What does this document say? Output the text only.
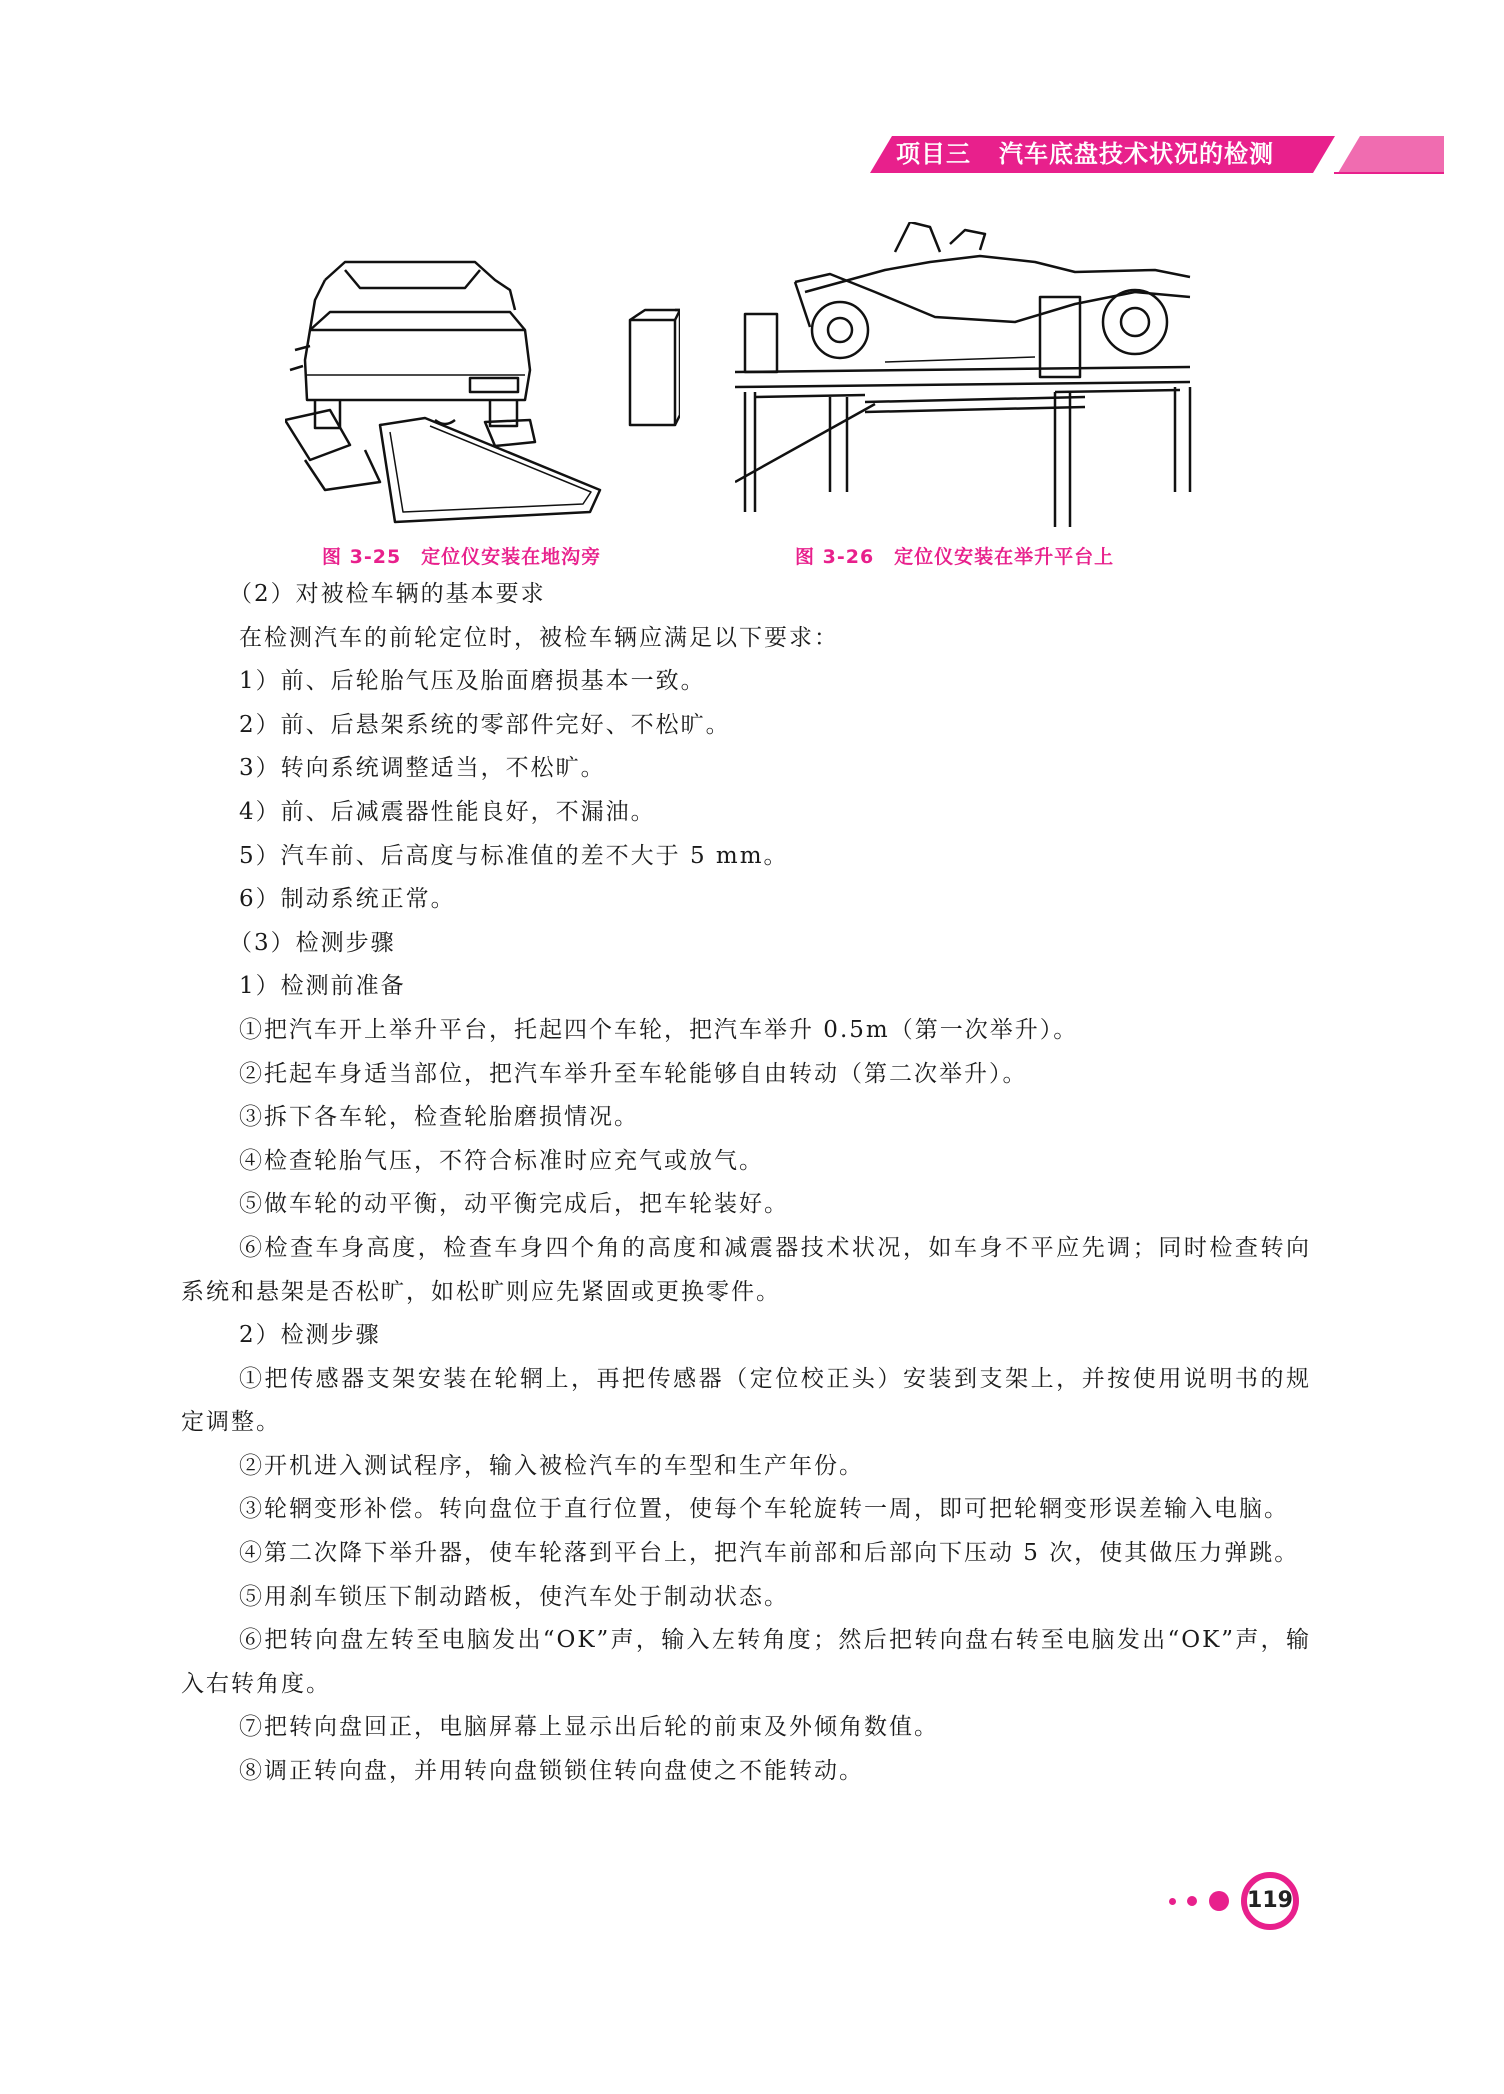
项目三 汽车底盘技术状况的检测
图 3-25 定位仪安装在地沟旁	图 3-26 定位仪安装在举升平台上

（2）对被检车辆的基本要求

在检测汽车的前轮定位时，被检车辆应满足以下要求：

1）前、后轮胎气压及胎面磨损基本一致。

2）前、后悬架系统的零部件完好、不松旷。

3）转向系统调整适当，不松旷。

4）前、后减震器性能良好，不漏油。

5）汽车前、后高度与标准值的差不大于 5 mm。

6）制动系统正常。

（3）检测步骤

1）检测前准备

①把汽车开上举升平台，托起四个车轮，把汽车举升 0.5m（第一次举升）。

②托起车身适当部位，把汽车举升至车轮能够自由转动（第二次举升）。

③拆下各车轮，检查轮胎磨损情况。

④检查轮胎气压，不符合标准时应充气或放气。

⑤做车轮的动平衡，动平衡完成后，把车轮装好。

⑥检查车身高度，检查车身四个角的高度和减震器技术状况，如车身不平应先调；同时检查转向系统和悬架是否松旷，如松旷则应先紧固或更换零件。

2）检测步骤

①把传感器支架安装在轮辋上，再把传感器（定位校正头）安装到支架上，并按使用说明书的规定调整。

②开机进入测试程序，输入被检汽车的车型和生产年份。

③轮辋变形补偿。转向盘位于直行位置，使每个车轮旋转一周，即可把轮辋变形误差输入电脑。

④第二次降下举升器，使车轮落到平台上，把汽车前部和后部向下压动 5 次，使其做压力弹跳。

⑤用刹车锁压下制动踏板，使汽车处于制动状态。

⑥把转向盘左转至电脑发出“OK”声，输入左转角度；然后把转向盘右转至电脑发出“OK”声，输入右转角度。

⑦把转向盘回正，电脑屏幕上显示出后轮的前束及外倾角数值。

⑧调正转向盘，并用转向盘锁锁住转向盘使之不能转动。

119
